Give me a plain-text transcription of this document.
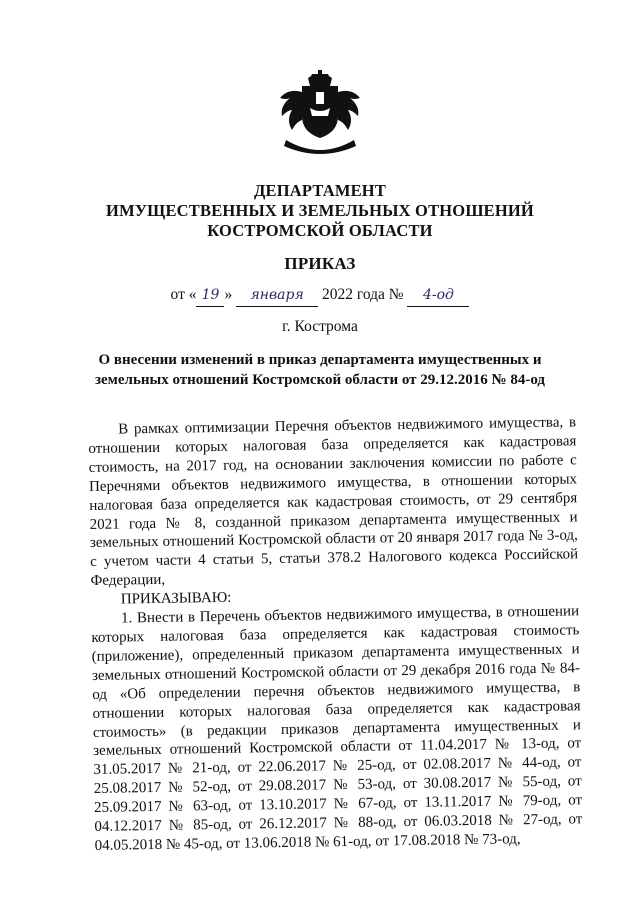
ДЕПАРТАМЕНТ
ИМУЩЕСТВЕННЫХ И ЗЕМЕЛЬНЫХ ОТНОШЕНИЙ
КОСТРОМСКОЙ ОБЛАСТИ
ПРИКАЗ
от « 19 » января 2022 года № 4-од
г. Кострома
О внесении изменений в приказ департамента имущественных и
земельных отношений Костромской области от 29.12.2016 № 84-од

В рамках оптимизации Перечня объектов недвижимого имущества, в отношении которых налоговая база определяется как кадастровая стоимость, на 2017 год, на основании заключения комиссии по работе с Перечнями объектов недвижимого имущества, в отношении которых налоговая база определяется как кадастровая стоимость, от 29 сентября 2021 года № 8, созданной приказом департамента имущественных и земельных отношений Костромской области от 20 января 2017 года № 3-од, с учетом части 4 статьи 5, статьи 378.2 Налогового кодекса Российской Федерации,

ПРИКАЗЫВАЮ:

1. Внести в Перечень объектов недвижимого имущества, в отношении которых налоговая база определяется как кадастровая стоимость (приложение), определенный приказом департамента имущественных и земельных отношений Костромской области от 29 декабря 2016 года № 84-од «Об определении перечня объектов недвижимого имущества, в отношении которых налоговая база определяется как кадастровая стоимость» (в редакции приказов департамента имущественных и земельных отношений Костромской области от 11.04.2017 № 13-од, от 31.05.2017 № 21-од, от 22.06.2017 № 25-од, от 02.08.2017 № 44-од, от 25.08.2017 № 52-од, от 29.08.2017 № 53-од, от 30.08.2017 № 55-од, от 25.09.2017 № 63-од, от 13.10.2017 № 67-од, от 13.11.2017 № 79-од, от 04.12.2017 № 85-од, от 26.12.2017 № 88-од, от 06.03.2018 № 27-од, от 04.05.2018 № 45-од, от 13.06.2018 № 61-од, от 17.08.2018 № 73-од,
